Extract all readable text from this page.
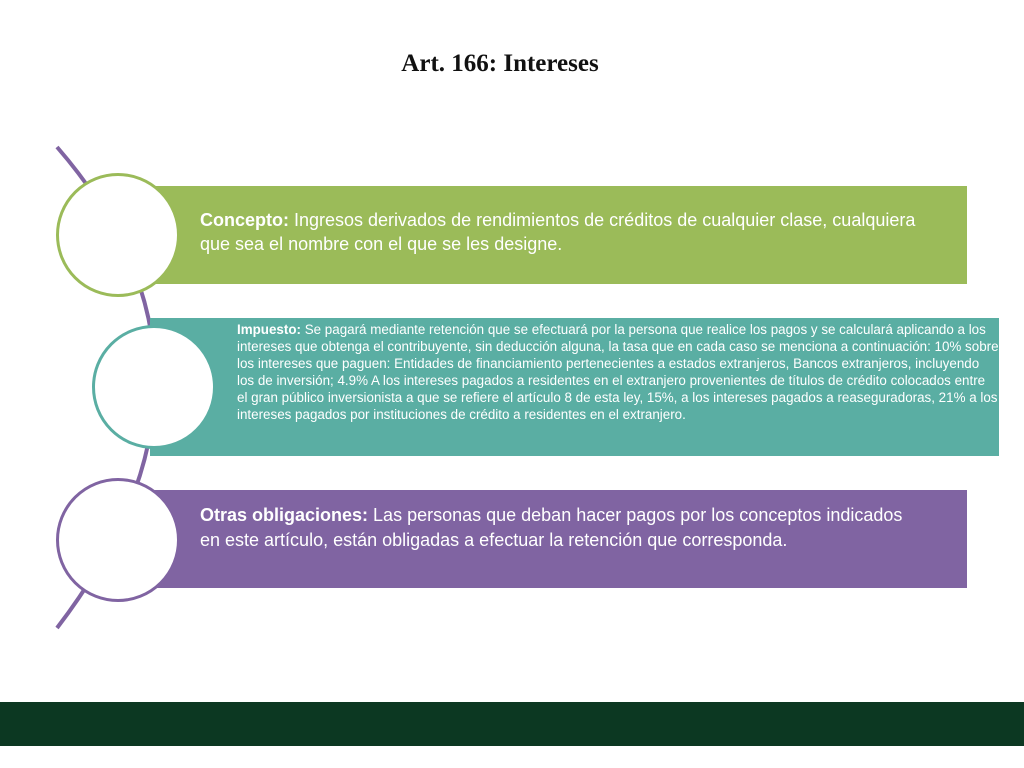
Art. 166: Intereses
Concepto: Ingresos derivados de rendimientos de créditos de cualquier clase, cualquiera que sea el nombre con el que se les designe.
Impuesto: Se pagará mediante retención que se efectuará por la persona que realice los pagos y se calculará aplicando a los intereses que obtenga el contribuyente, sin deducción alguna, la tasa que en cada caso se menciona a continuación: 10% sobre los intereses que paguen: Entidades de financiamiento pertenecientes a estados extranjeros, Bancos extranjeros, incluyendo los de inversión; 4.9% A los intereses pagados a residentes en el extranjero provenientes de títulos de crédito colocados entre el gran público inversionista a que se refiere el artículo 8 de esta ley, 15%, a los intereses pagados a reaseguradoras, 21% a los intereses pagados por instituciones de crédito a residentes en el extranjero.
Otras obligaciones: Las personas que deban hacer pagos por los conceptos indicados en este artículo, están obligadas a efectuar la retención que corresponda.
